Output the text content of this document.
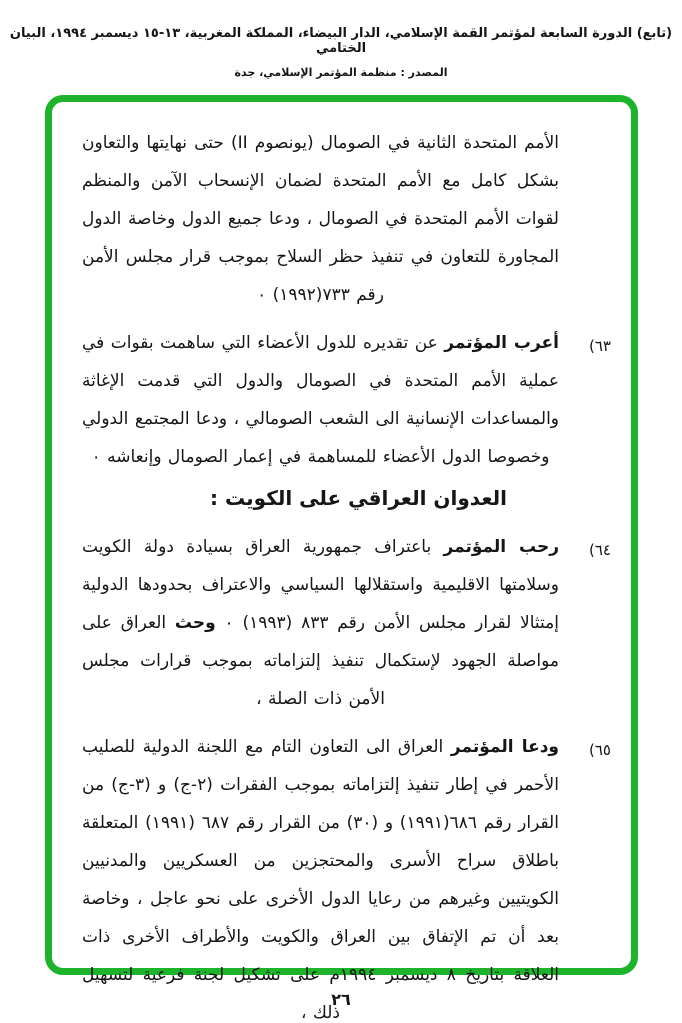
(تابع) الدورة السابعة لمؤتمر القمة الإسلامي، الدار البيضاء، المملكة المغربية، ١٣-١٥ ديسمبر ١٩٩٤، البيان الختامي
المصدر : منظمة المؤتمر الإسلامي، جدة

الأمم المتحدة الثانية في الصومال (يونصوم II) حتى نهايتها والتعاون بشكل كامل مع الأمم المتحدة لضمان الإنسحاب الآمن والمنظم لقوات الأمم المتحدة في الصومال ، ودعا جميع الدول وخاصة الدول المجاورة للتعاون في تنفيذ حظر السلاح بموجب قرار مجلس الأمن رقم ٧٣٣(١٩٩٢) ٠

٦٣)

أعرب المؤتمر عن تقديره للدول الأعضاء التي ساهمت بقوات في عملية الأمم المتحدة في الصومال والدول التي قدمت الإغاثة والمساعدات الإنسانية الى الشعب الصومالي ، ودعا المجتمع الدولي وخصوصا الدول الأعضاء للمساهمة في إعمار الصومال وإنعاشه ٠

العدوان العراقي على الكويت :
٦٤)

رحب المؤتمر باعتراف جمهورية العراق بسيادة دولة الكويت وسلامتها الاقليمية واستقلالها السياسي والاعتراف بحدودها الدولية إمتثالا لقرار مجلس الأمن رقم ٨٣٣ (١٩٩٣) ٠ وحث العراق على مواصلة الجهود لإستكمال تنفيذ إلتزاماته بموجب قرارات مجلس الأمن ذات الصلة ،

٦٥)

ودعا المؤتمر العراق الى التعاون التام مع اللجنة الدولية للصليب الأحمر في إطار تنفيذ إلتزاماته بموجب الفقرات (٢-ج) و (٣-ج) من القرار رقم ٦٨٦(١٩٩١) و (٣٠) من القرار رقم ٦٨٧ (١٩٩١) المتعلقة باطلاق سراح الأسرى والمحتجزين من العسكريين والمدنيين الكويتيين وغيرهم من رعايا الدول الأخرى على نحو عاجل ، وخاصة بعد أن تم الإتفاق بين العراق والكويت والأطراف الأخرى ذات العلاقة بتاريخ ٨ ديسمبر ١٩٩٤م على تشكيل لجنة فرعية لتسهيل ذلك ،

٢٦
